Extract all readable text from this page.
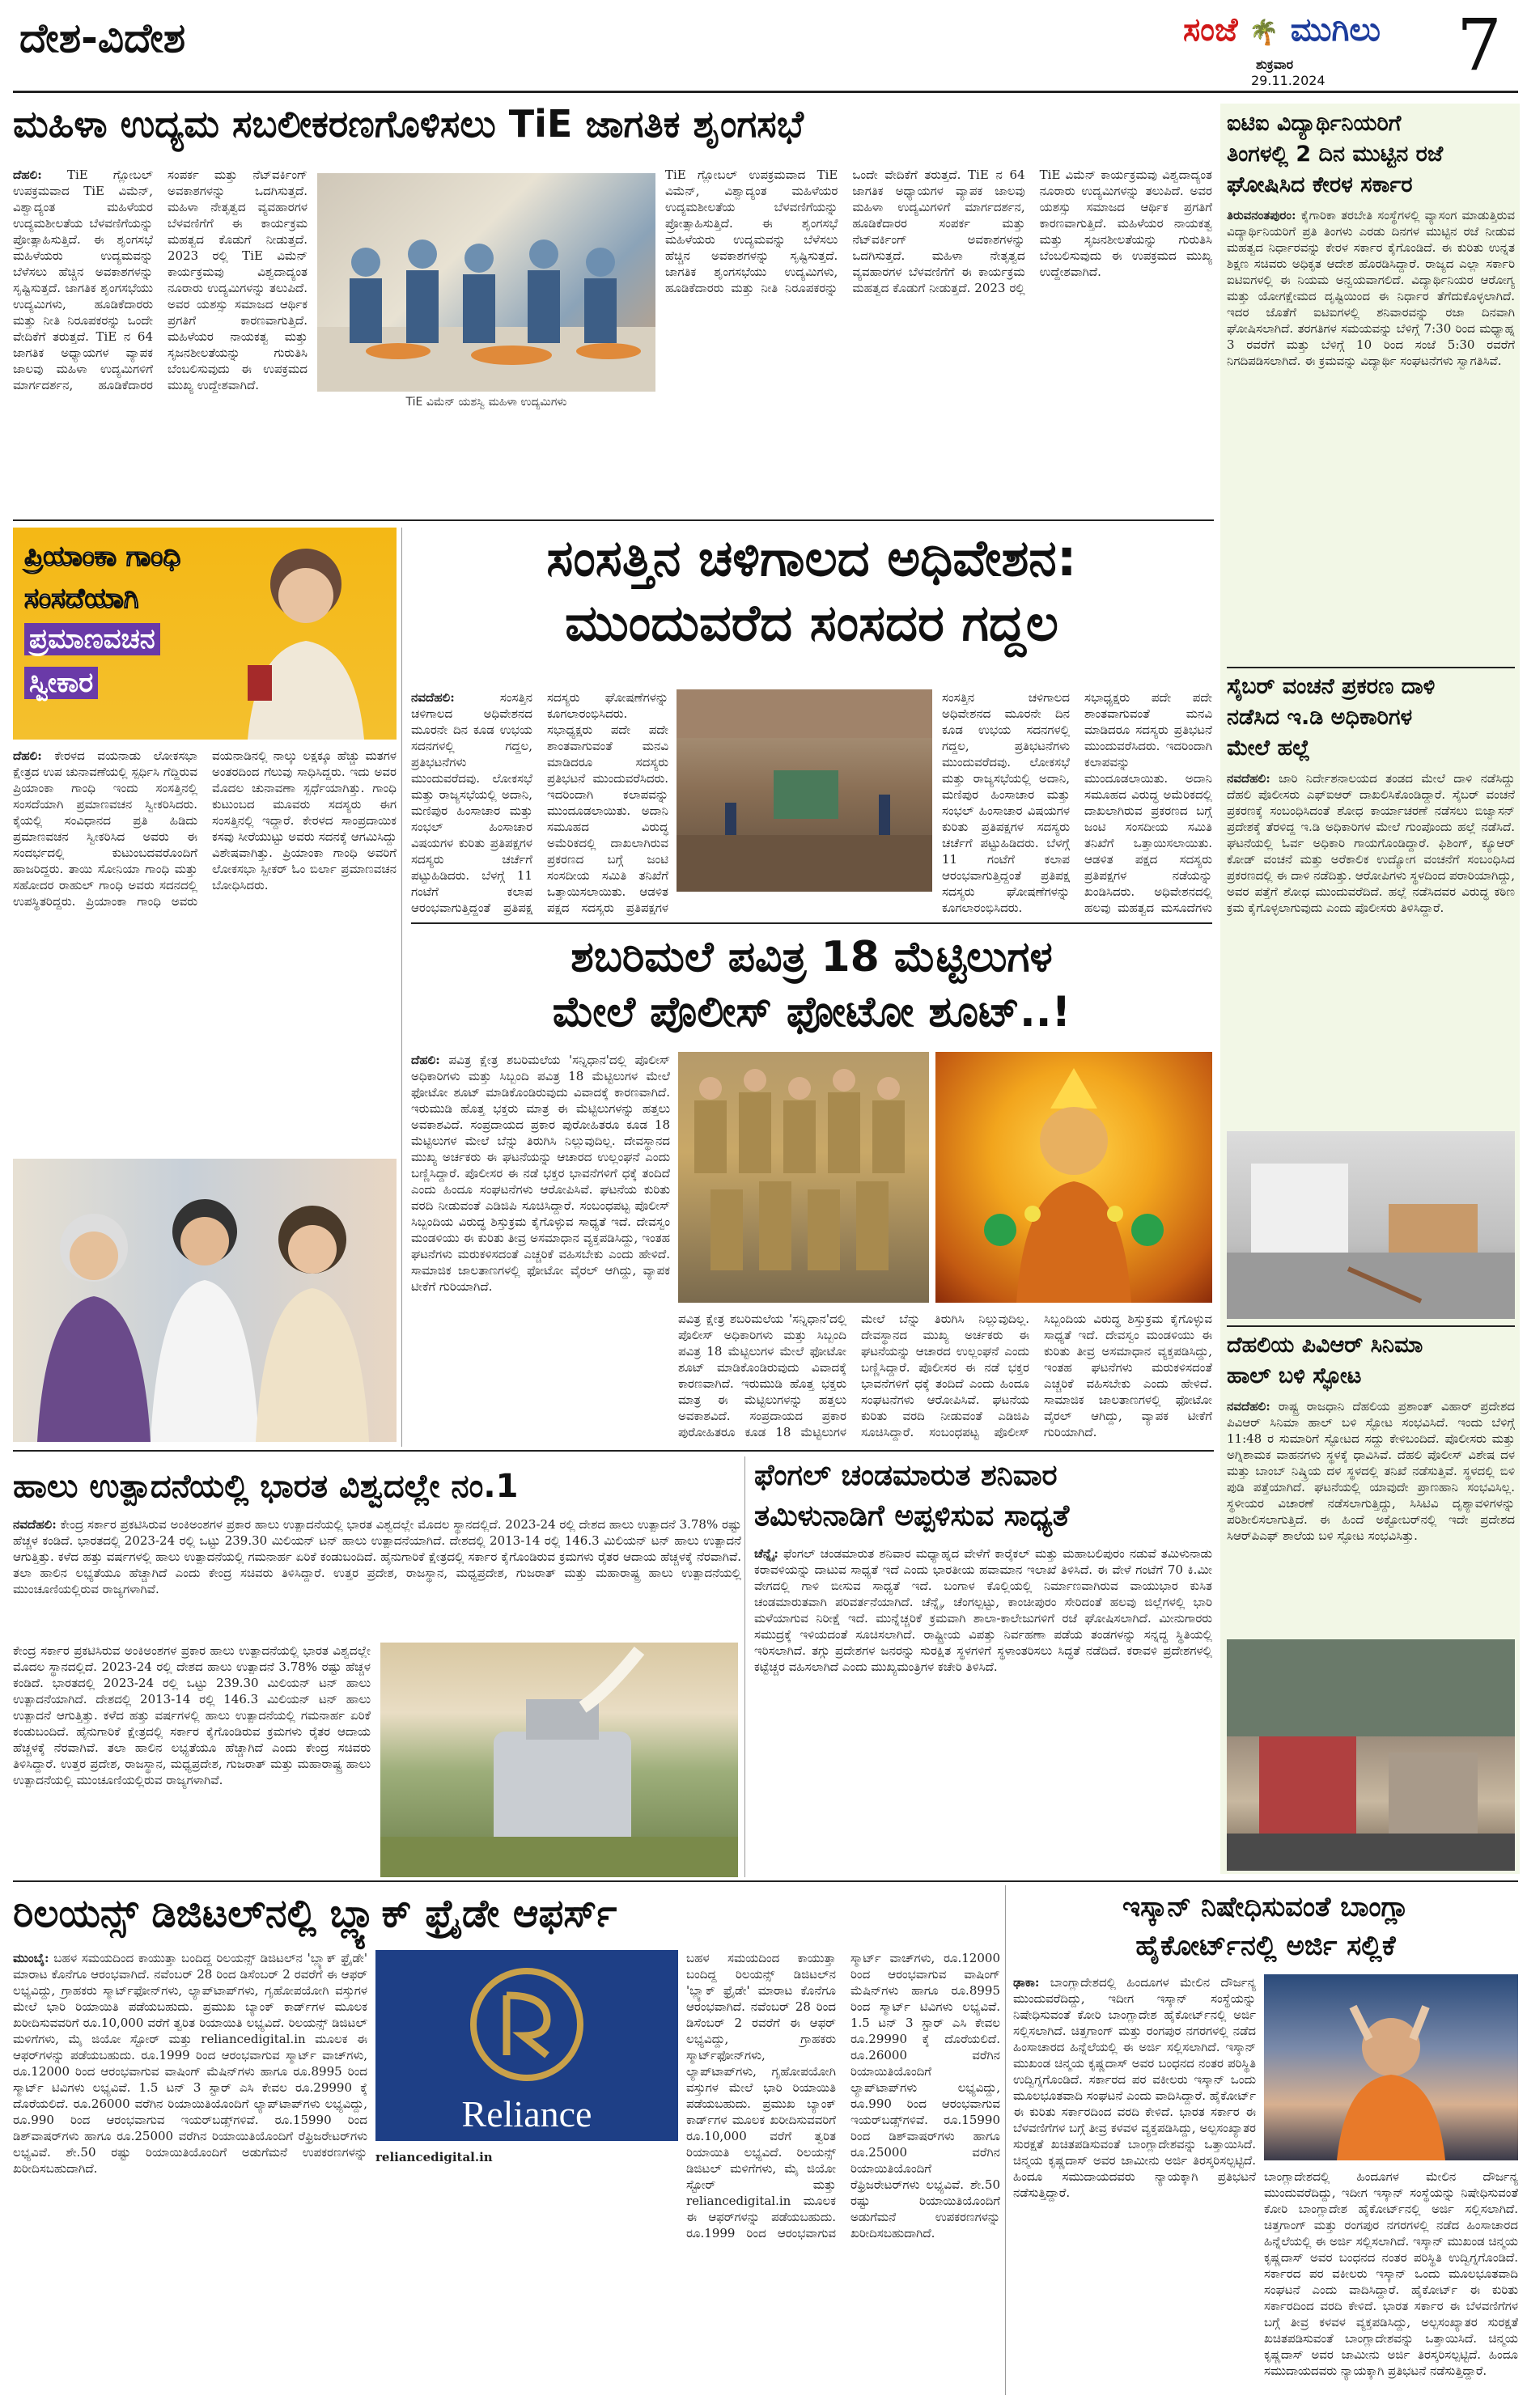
ದೇಶ-ವಿದೇಶ	ಸಂಜೆ 🌴 ಮುಗಿಲು
ಶುಕ್ರವಾರ
29.11.2024 7
ಮಹಿಳಾ ಉದ್ಯಮ ಸಬಲೀಕರಣಗೊಳಿಸಲು TiE ಜಾಗತಿಕ ಶೃಂಗಸಭೆ
TiE ವಿಮೆನ್ ಯಶಸ್ವಿ ಮಹಿಳಾ ಉದ್ಯಮಿಗಳು
ದೆಹಲಿ: TiE ಗ್ಲೋಬಲ್ ಉಪಕ್ರಮವಾದ TiE ವಿಮೆನ್, ವಿಶ್ವಾದ್ಯಂತ ಮಹಿಳೆಯರ ಉದ್ಯಮಶೀಲತೆಯ ಬೆಳವಣಿಗೆಯನ್ನು ಪ್ರೋತ್ಸಾಹಿಸುತ್ತಿದೆ. ಈ ಶೃಂಗಸಭೆ ಮಹಿಳೆಯರು ಉದ್ಯಮವನ್ನು ಬೆಳೆಸಲು ಹೆಚ್ಚಿನ ಅವಕಾಶಗಳನ್ನು ಸೃಷ್ಟಿಸುತ್ತದೆ. ಜಾಗತಿಕ ಶೃಂಗಸಭೆಯು ಉದ್ಯಮಿಗಳು, ಹೂಡಿಕೆದಾರರು ಮತ್ತು ನೀತಿ ನಿರೂಪಕರನ್ನು ಒಂದೇ ವೇದಿಕೆಗೆ ತರುತ್ತದೆ. TiE ನ 64 ಜಾಗತಿಕ ಅಧ್ಯಾಯಗಳ ವ್ಯಾಪಕ ಜಾಲವು ಮಹಿಳಾ ಉದ್ಯಮಿಗಳಿಗೆ ಮಾರ್ಗದರ್ಶನ, ಹೂಡಿಕೆದಾರರ ಸಂಪರ್ಕ ಮತ್ತು ನೆಟ್‌ವರ್ಕಿಂಗ್ ಅವಕಾಶಗಳನ್ನು ಒದಗಿಸುತ್ತದೆ. ಮಹಿಳಾ ನೇತೃತ್ವದ ವ್ಯವಹಾರಗಳ ಬೆಳವಣಿಗೆಗೆ ಈ ಕಾರ್ಯಕ್ರಮ ಮಹತ್ವದ ಕೊಡುಗೆ ನೀಡುತ್ತದೆ. 2023 ರಲ್ಲಿ TiE ವಿಮೆನ್ ಕಾರ್ಯಕ್ರಮವು ವಿಶ್ವದಾದ್ಯಂತ ನೂರಾರು ಉದ್ಯಮಿಗಳನ್ನು ತಲುಪಿದೆ. ಅವರ ಯಶಸ್ಸು ಸಮಾಜದ ಆರ್ಥಿಕ ಪ್ರಗತಿಗೆ ಕಾರಣವಾಗುತ್ತಿದೆ. ಮಹಿಳೆಯರ ನಾಯಕತ್ವ ಮತ್ತು ಸೃಜನಶೀಲತೆಯನ್ನು ಗುರುತಿಸಿ ಬೆಂಬಲಿಸುವುದು ಈ ಉಪಕ್ರಮದ ಮುಖ್ಯ ಉದ್ದೇಶವಾಗಿದೆ.
TiE ಗ್ಲೋಬಲ್ ಉಪಕ್ರಮವಾದ TiE ವಿಮೆನ್, ವಿಶ್ವಾದ್ಯಂತ ಮಹಿಳೆಯರ ಉದ್ಯಮಶೀಲತೆಯ ಬೆಳವಣಿಗೆಯನ್ನು ಪ್ರೋತ್ಸಾಹಿಸುತ್ತಿದೆ. ಈ ಶೃಂಗಸಭೆ ಮಹಿಳೆಯರು ಉದ್ಯಮವನ್ನು ಬೆಳೆಸಲು ಹೆಚ್ಚಿನ ಅವಕಾಶಗಳನ್ನು ಸೃಷ್ಟಿಸುತ್ತದೆ. ಜಾಗತಿಕ ಶೃಂಗಸಭೆಯು ಉದ್ಯಮಿಗಳು, ಹೂಡಿಕೆದಾರರು ಮತ್ತು ನೀತಿ ನಿರೂಪಕರನ್ನು ಒಂದೇ ವೇದಿಕೆಗೆ ತರುತ್ತದೆ. TiE ನ 64 ಜಾಗತಿಕ ಅಧ್ಯಾಯಗಳ ವ್ಯಾಪಕ ಜಾಲವು ಮಹಿಳಾ ಉದ್ಯಮಿಗಳಿಗೆ ಮಾರ್ಗದರ್ಶನ, ಹೂಡಿಕೆದಾರರ ಸಂಪರ್ಕ ಮತ್ತು ನೆಟ್‌ವರ್ಕಿಂಗ್ ಅವಕಾಶಗಳನ್ನು ಒದಗಿಸುತ್ತದೆ. ಮಹಿಳಾ ನೇತೃತ್ವದ ವ್ಯವಹಾರಗಳ ಬೆಳವಣಿಗೆಗೆ ಈ ಕಾರ್ಯಕ್ರಮ ಮಹತ್ವದ ಕೊಡುಗೆ ನೀಡುತ್ತದೆ. 2023 ರಲ್ಲಿ TiE ವಿಮೆನ್ ಕಾರ್ಯಕ್ರಮವು ವಿಶ್ವದಾದ್ಯಂತ ನೂರಾರು ಉದ್ಯಮಿಗಳನ್ನು ತಲುಪಿದೆ. ಅವರ ಯಶಸ್ಸು ಸಮಾಜದ ಆರ್ಥಿಕ ಪ್ರಗತಿಗೆ ಕಾರಣವಾಗುತ್ತಿದೆ. ಮಹಿಳೆಯರ ನಾಯಕತ್ವ ಮತ್ತು ಸೃಜನಶೀಲತೆಯನ್ನು ಗುರುತಿಸಿ ಬೆಂಬಲಿಸುವುದು ಈ ಉಪಕ್ರಮದ ಮುಖ್ಯ ಉದ್ದೇಶವಾಗಿದೆ.
ಪ್ರಿಯಾಂಕಾ ಗಾಂಧಿ
ಸಂಸದೆಯಾಗಿ
ಪ್ರಮಾಣವಚನ
ಸ್ವೀಕಾರ
ದೆಹಲಿ: ಕೇರಳದ ವಯನಾಡು ಲೋಕಸಭಾ ಕ್ಷೇತ್ರದ ಉಪ ಚುನಾವಣೆಯಲ್ಲಿ ಸ್ಪರ್ಧಿಸಿ ಗೆದ್ದಿರುವ ಪ್ರಿಯಾಂಕಾ ಗಾಂಧಿ ಇಂದು ಸಂಸತ್ತಿನಲ್ಲಿ ಸಂಸದೆಯಾಗಿ ಪ್ರಮಾಣವಚನ ಸ್ವೀಕರಿಸಿದರು. ಕೈಯಲ್ಲಿ ಸಂವಿಧಾನದ ಪ್ರತಿ ಹಿಡಿದು ಪ್ರಮಾಣವಚನ ಸ್ವೀಕರಿಸಿದ ಅವರು ಈ ಸಂದರ್ಭದಲ್ಲಿ ಕುಟುಂಬದವರೊಂದಿಗೆ ಹಾಜರಿದ್ದರು. ತಾಯಿ ಸೋನಿಯಾ ಗಾಂಧಿ ಮತ್ತು ಸಹೋದರ ರಾಹುಲ್ ಗಾಂಧಿ ಅವರು ಸದನದಲ್ಲಿ ಉಪಸ್ಥಿತರಿದ್ದರು. ಪ್ರಿಯಾಂಕಾ ಗಾಂಧಿ ಅವರು ವಯನಾಡಿನಲ್ಲಿ ನಾಲ್ಕು ಲಕ್ಷಕ್ಕೂ ಹೆಚ್ಚು ಮತಗಳ ಅಂತರದಿಂದ ಗೆಲುವು ಸಾಧಿಸಿದ್ದರು. ಇದು ಅವರ ಮೊದಲ ಚುನಾವಣಾ ಸ್ಪರ್ಧೆಯಾಗಿತ್ತು. ಗಾಂಧಿ ಕುಟುಂಬದ ಮೂವರು ಸದಸ್ಯರು ಈಗ ಸಂಸತ್ತಿನಲ್ಲಿ ಇದ್ದಾರೆ. ಕೇರಳದ ಸಾಂಪ್ರದಾಯಿಕ ಕಸವು ಸೀರೆಯುಟ್ಟು ಅವರು ಸದನಕ್ಕೆ ಆಗಮಿಸಿದ್ದು ವಿಶೇಷವಾಗಿತ್ತು. ಪ್ರಿಯಾಂಕಾ ಗಾಂಧಿ ಅವರಿಗೆ ಲೋಕಸಭಾ ಸ್ಪೀಕರ್ ಓಂ ಬಿರ್ಲಾ ಪ್ರಮಾಣವಚನ ಬೋಧಿಸಿದರು.
ಸಂಸತ್ತಿನ ಚಳಿಗಾಲದ ಅಧಿವೇಶನ:
ಮುಂದುವರೆದ ಸಂಸದರ ಗದ್ದಲ
ನವದೆಹಲಿ:	ಸಂಸತ್ತಿನ ಚಳಿಗಾಲದ ಅಧಿವೇಶನದ ಮೂರನೇ ದಿನ ಕೂಡ ಉಭಯ ಸದನಗಳಲ್ಲಿ ಗದ್ದಲ, ಪ್ರತಿಭಟನೆಗಳು ಮುಂದುವರೆದವು. ಲೋಕಸಭೆ ಮತ್ತು ರಾಜ್ಯಸಭೆಯಲ್ಲಿ ಅದಾನಿ, ಮಣಿಪುರ ಹಿಂಸಾಚಾರ ಮತ್ತು ಸಂಭಲ್ ಹಿಂಸಾಚಾರ ವಿಷಯಗಳ ಕುರಿತು ಪ್ರತಿಪಕ್ಷಗಳ ಸದಸ್ಯರು ಚರ್ಚೆಗೆ ಪಟ್ಟುಹಿಡಿದರು. ಬೆಳಗ್ಗೆ 11 ಗಂಟೆಗೆ ಕಲಾಪ ಆರಂಭವಾಗುತ್ತಿದ್ದಂತೆ ಪ್ರತಿಪಕ್ಷ ಸದಸ್ಯರು ಘೋಷಣೆಗಳನ್ನು ಕೂಗಲಾರಂಭಿಸಿದರು. ಸಭಾಧ್ಯಕ್ಷರು ಪದೇ ಪದೇ ಶಾಂತವಾಗುವಂತೆ ಮನವಿ ಮಾಡಿದರೂ ಸದಸ್ಯರು ಪ್ರತಿಭಟನೆ ಮುಂದುವರೆಸಿದರು. ಇದರಿಂದಾಗಿ ಕಲಾಪವನ್ನು ಮುಂದೂಡಲಾಯಿತು. ಅದಾನಿ ಸಮೂಹದ ವಿರುದ್ಧ ಅಮೆರಿಕದಲ್ಲಿ ದಾಖಲಾಗಿರುವ ಪ್ರಕರಣದ ಬಗ್ಗೆ ಜಂಟಿ ಸಂಸದೀಯ ಸಮಿತಿ ತನಿಖೆಗೆ ಒತ್ತಾಯಿಸಲಾಯಿತು. ಆಡಳಿತ ಪಕ್ಷದ ಸದಸ್ಯರು ಪ್ರತಿಪಕ್ಷಗಳ
ಸಂಸತ್ತಿನ ಚಳಿಗಾಲದ ಅಧಿವೇಶನದ ಮೂರನೇ ದಿನ ಕೂಡ ಉಭಯ ಸದನಗಳಲ್ಲಿ ಗದ್ದಲ, ಪ್ರತಿಭಟನೆಗಳು ಮುಂದುವರೆದವು. ಲೋಕಸಭೆ ಮತ್ತು ರಾಜ್ಯಸಭೆಯಲ್ಲಿ ಅದಾನಿ, ಮಣಿಪುರ ಹಿಂಸಾಚಾರ ಮತ್ತು ಸಂಭಲ್ ಹಿಂಸಾಚಾರ ವಿಷಯಗಳ ಕುರಿತು ಪ್ರತಿಪಕ್ಷಗಳ ಸದಸ್ಯರು ಚರ್ಚೆಗೆ ಪಟ್ಟುಹಿಡಿದರು. ಬೆಳಗ್ಗೆ 11 ಗಂಟೆಗೆ ಕಲಾಪ ಆರಂಭವಾಗುತ್ತಿದ್ದಂತೆ ಪ್ರತಿಪಕ್ಷ ಸದಸ್ಯರು ಘೋಷಣೆಗಳನ್ನು ಕೂಗಲಾರಂಭಿಸಿದರು. ಸಭಾಧ್ಯಕ್ಷರು ಪದೇ ಪದೇ ಶಾಂತವಾಗುವಂತೆ ಮನವಿ ಮಾಡಿದರೂ ಸದಸ್ಯರು ಪ್ರತಿಭಟನೆ ಮುಂದುವರೆಸಿದರು. ಇದರಿಂದಾಗಿ ಕಲಾಪವನ್ನು ಮುಂದೂಡಲಾಯಿತು. ಅದಾನಿ ಸಮೂಹದ ವಿರುದ್ಧ ಅಮೆರಿಕದಲ್ಲಿ ದಾಖಲಾಗಿರುವ ಪ್ರಕರಣದ ಬಗ್ಗೆ ಜಂಟಿ ಸಂಸದೀಯ ಸಮಿತಿ ತನಿಖೆಗೆ ಒತ್ತಾಯಿಸಲಾಯಿತು. ಆಡಳಿತ ಪಕ್ಷದ ಸದಸ್ಯರು ಪ್ರತಿಪಕ್ಷಗಳ ನಡೆಯನ್ನು ಖಂಡಿಸಿದರು. ಅಧಿವೇಶನದಲ್ಲಿ ಹಲವು ಮಹತ್ವದ ಮಸೂದೆಗಳು
ಶಬರಿಮಲೆ ಪವಿತ್ರ 18 ಮೆಟ್ಟಿಲುಗಳ
ಮೇಲೆ ಪೊಲೀಸ್ ಫೋಟೋ ಶೂಟ್..!
ದೆಹಲಿ: ಪವಿತ್ರ ಕ್ಷೇತ್ರ ಶಬರಿಮಲೆಯ 'ಸನ್ನಿಧಾನ'ದಲ್ಲಿ ಪೊಲೀಸ್ ಅಧಿಕಾರಿಗಳು ಮತ್ತು ಸಿಬ್ಬಂದಿ ಪವಿತ್ರ 18 ಮೆಟ್ಟಿಲುಗಳ ಮೇಲೆ ಫೋಟೋ ಶೂಟ್ ಮಾಡಿಕೊಂಡಿರುವುದು ವಿವಾದಕ್ಕೆ ಕಾರಣವಾಗಿದೆ. ಇರುಮುಡಿ ಹೊತ್ತ ಭಕ್ತರು ಮಾತ್ರ ಈ ಮೆಟ್ಟಿಲುಗಳನ್ನು ಹತ್ತಲು ಅವಕಾಶವಿದೆ. ಸಂಪ್ರದಾಯದ ಪ್ರಕಾರ ಪುರೋಹಿತರೂ ಕೂಡ 18 ಮೆಟ್ಟಿಲುಗಳ ಮೇಲೆ ಬೆನ್ನು ತಿರುಗಿಸಿ ನಿಲ್ಲುವುದಿಲ್ಲ. ದೇವಸ್ಥಾನದ ಮುಖ್ಯ ಅರ್ಚಕರು ಈ ಘಟನೆಯನ್ನು ಆಚಾರದ ಉಲ್ಲಂಘನೆ ಎಂದು ಬಣ್ಣಿಸಿದ್ದಾರೆ. ಪೊಲೀಸರ ಈ ನಡೆ ಭಕ್ತರ ಭಾವನೆಗಳಿಗೆ ಧಕ್ಕೆ ತಂದಿದೆ ಎಂದು ಹಿಂದೂ ಸಂಘಟನೆಗಳು ಆರೋಪಿಸಿವೆ. ಘಟನೆಯ ಕುರಿತು ವರದಿ ನೀಡುವಂತೆ ಎಡಿಜಿಪಿ ಸೂಚಿಸಿದ್ದಾರೆ. ಸಂಬಂಧಪಟ್ಟ ಪೊಲೀಸ್ ಸಿಬ್ಬಂದಿಯ ವಿರುದ್ಧ ಶಿಸ್ತುಕ್ರಮ ಕೈಗೊಳ್ಳುವ ಸಾಧ್ಯತೆ ಇದೆ. ದೇವಸ್ವಂ ಮಂಡಳಿಯು ಈ ಕುರಿತು ತೀವ್ರ ಅಸಮಾಧಾನ ವ್ಯಕ್ತಪಡಿಸಿದ್ದು, ಇಂತಹ ಘಟನೆಗಳು ಮರುಕಳಿಸದಂತೆ ಎಚ್ಚರಿಕೆ ವಹಿಸಬೇಕು ಎಂದು ಹೇಳಿದೆ. ಸಾಮಾಜಿಕ ಜಾಲತಾಣಗಳಲ್ಲಿ ಫೋಟೋ ವೈರಲ್ ಆಗಿದ್ದು, ವ್ಯಾಪಕ ಟೀಕೆಗೆ ಗುರಿಯಾಗಿದೆ.
ಪವಿತ್ರ ಕ್ಷೇತ್ರ ಶಬರಿಮಲೆಯ 'ಸನ್ನಿಧಾನ'ದಲ್ಲಿ ಪೊಲೀಸ್ ಅಧಿಕಾರಿಗಳು ಮತ್ತು ಸಿಬ್ಬಂದಿ ಪವಿತ್ರ 18 ಮೆಟ್ಟಿಲುಗಳ ಮೇಲೆ ಫೋಟೋ ಶೂಟ್ ಮಾಡಿಕೊಂಡಿರುವುದು ವಿವಾದಕ್ಕೆ ಕಾರಣವಾಗಿದೆ. ಇರುಮುಡಿ ಹೊತ್ತ ಭಕ್ತರು ಮಾತ್ರ ಈ ಮೆಟ್ಟಿಲುಗಳನ್ನು ಹತ್ತಲು ಅವಕಾಶವಿದೆ. ಸಂಪ್ರದಾಯದ ಪ್ರಕಾರ ಪುರೋಹಿತರೂ ಕೂಡ 18 ಮೆಟ್ಟಿಲುಗಳ ಮೇಲೆ ಬೆನ್ನು ತಿರುಗಿಸಿ ನಿಲ್ಲುವುದಿಲ್ಲ. ದೇವಸ್ಥಾನದ ಮುಖ್ಯ ಅರ್ಚಕರು ಈ ಘಟನೆಯನ್ನು ಆಚಾರದ ಉಲ್ಲಂಘನೆ ಎಂದು ಬಣ್ಣಿಸಿದ್ದಾರೆ. ಪೊಲೀಸರ ಈ ನಡೆ ಭಕ್ತರ ಭಾವನೆಗಳಿಗೆ ಧಕ್ಕೆ ತಂದಿದೆ ಎಂದು ಹಿಂದೂ ಸಂಘಟನೆಗಳು ಆರೋಪಿಸಿವೆ. ಘಟನೆಯ ಕುರಿತು ವರದಿ ನೀಡುವಂತೆ ಎಡಿಜಿಪಿ ಸೂಚಿಸಿದ್ದಾರೆ. ಸಂಬಂಧಪಟ್ಟ ಪೊಲೀಸ್ ಸಿಬ್ಬಂದಿಯ ವಿರುದ್ಧ ಶಿಸ್ತುಕ್ರಮ ಕೈಗೊಳ್ಳುವ ಸಾಧ್ಯತೆ ಇದೆ. ದೇವಸ್ವಂ ಮಂಡಳಿಯು ಈ ಕುರಿತು ತೀವ್ರ ಅಸಮಾಧಾನ ವ್ಯಕ್ತಪಡಿಸಿದ್ದು, ಇಂತಹ ಘಟನೆಗಳು ಮರುಕಳಿಸದಂತೆ ಎಚ್ಚರಿಕೆ ವಹಿಸಬೇಕು ಎಂದು ಹೇಳಿದೆ. ಸಾಮಾಜಿಕ ಜಾಲತಾಣಗಳಲ್ಲಿ ಫೋಟೋ ವೈರಲ್ ಆಗಿದ್ದು, ವ್ಯಾಪಕ ಟೀಕೆಗೆ ಗುರಿಯಾಗಿದೆ.
ಹಾಲು ಉತ್ಪಾದನೆಯಲ್ಲಿ ಭಾರತ ವಿಶ್ವದಲ್ಲೇ ನಂ.1
ನವದೆಹಲಿ: ಕೇಂದ್ರ ಸರ್ಕಾರ ಪ್ರಕಟಿಸಿರುವ ಅಂಕಿಅಂಶಗಳ ಪ್ರಕಾರ ಹಾಲು ಉತ್ಪಾದನೆಯಲ್ಲಿ ಭಾರತ ವಿಶ್ವದಲ್ಲೇ ಮೊದಲ ಸ್ಥಾನದಲ್ಲಿದೆ. 2023-24 ರಲ್ಲಿ ದೇಶದ ಹಾಲು ಉತ್ಪಾದನೆ 3.78% ರಷ್ಟು ಹೆಚ್ಚಳ ಕಂಡಿದೆ. ಭಾರತದಲ್ಲಿ 2023-24 ರಲ್ಲಿ ಒಟ್ಟು 239.30 ಮಿಲಿಯನ್ ಟನ್ ಹಾಲು ಉತ್ಪಾದನೆಯಾಗಿದೆ. ದೇಶದಲ್ಲಿ 2013-14 ರಲ್ಲಿ 146.3 ಮಿಲಿಯನ್ ಟನ್ ಹಾಲು ಉತ್ಪಾದನೆ ಆಗುತ್ತಿತ್ತು. ಕಳೆದ ಹತ್ತು ವರ್ಷಗಳಲ್ಲಿ ಹಾಲು ಉತ್ಪಾದನೆಯಲ್ಲಿ ಗಮನಾರ್ಹ ಏರಿಕೆ ಕಂಡುಬಂದಿದೆ. ಹೈನುಗಾರಿಕೆ ಕ್ಷೇತ್ರದಲ್ಲಿ ಸರ್ಕಾರ ಕೈಗೊಂಡಿರುವ ಕ್ರಮಗಳು ರೈತರ ಆದಾಯ ಹೆಚ್ಚಳಕ್ಕೆ ನೆರವಾಗಿವೆ. ತಲಾ ಹಾಲಿನ ಲಭ್ಯತೆಯೂ ಹೆಚ್ಚಾಗಿದೆ ಎಂದು ಕೇಂದ್ರ ಸಚಿವರು ತಿಳಿಸಿದ್ದಾರೆ. ಉತ್ತರ ಪ್ರದೇಶ, ರಾಜಸ್ಥಾನ, ಮಧ್ಯಪ್ರದೇಶ, ಗುಜರಾತ್ ಮತ್ತು ಮಹಾರಾಷ್ಟ್ರ ಹಾಲು ಉತ್ಪಾದನೆಯಲ್ಲಿ ಮುಂಚೂಣಿಯಲ್ಲಿರುವ ರಾಜ್ಯಗಳಾಗಿವೆ.
ಕೇಂದ್ರ ಸರ್ಕಾರ ಪ್ರಕಟಿಸಿರುವ ಅಂಕಿಅಂಶಗಳ ಪ್ರಕಾರ ಹಾಲು ಉತ್ಪಾದನೆಯಲ್ಲಿ ಭಾರತ ವಿಶ್ವದಲ್ಲೇ ಮೊದಲ ಸ್ಥಾನದಲ್ಲಿದೆ. 2023-24 ರಲ್ಲಿ ದೇಶದ ಹಾಲು ಉತ್ಪಾದನೆ 3.78% ರಷ್ಟು ಹೆಚ್ಚಳ ಕಂಡಿದೆ. ಭಾರತದಲ್ಲಿ 2023-24 ರಲ್ಲಿ ಒಟ್ಟು 239.30 ಮಿಲಿಯನ್ ಟನ್ ಹಾಲು ಉತ್ಪಾದನೆಯಾಗಿದೆ. ದೇಶದಲ್ಲಿ 2013-14 ರಲ್ಲಿ 146.3 ಮಿಲಿಯನ್ ಟನ್ ಹಾಲು ಉತ್ಪಾದನೆ ಆಗುತ್ತಿತ್ತು. ಕಳೆದ ಹತ್ತು ವರ್ಷಗಳಲ್ಲಿ ಹಾಲು ಉತ್ಪಾದನೆಯಲ್ಲಿ ಗಮನಾರ್ಹ ಏರಿಕೆ ಕಂಡುಬಂದಿದೆ. ಹೈನುಗಾರಿಕೆ ಕ್ಷೇತ್ರದಲ್ಲಿ ಸರ್ಕಾರ ಕೈಗೊಂಡಿರುವ ಕ್ರಮಗಳು ರೈತರ ಆದಾಯ ಹೆಚ್ಚಳಕ್ಕೆ ನೆರವಾಗಿವೆ. ತಲಾ ಹಾಲಿನ ಲಭ್ಯತೆಯೂ ಹೆಚ್ಚಾಗಿದೆ ಎಂದು ಕೇಂದ್ರ ಸಚಿವರು ತಿಳಿಸಿದ್ದಾರೆ. ಉತ್ತರ ಪ್ರದೇಶ, ರಾಜಸ್ಥಾನ, ಮಧ್ಯಪ್ರದೇಶ, ಗುಜರಾತ್ ಮತ್ತು ಮಹಾರಾಷ್ಟ್ರ ಹಾಲು ಉತ್ಪಾದನೆಯಲ್ಲಿ ಮುಂಚೂಣಿಯಲ್ಲಿರುವ ರಾಜ್ಯಗಳಾಗಿವೆ.
ಫೆಂಗಲ್ ಚಂಡಮಾರುತ ಶನಿವಾರ
ತಮಿಳುನಾಡಿಗೆ ಅಪ್ಪಳಿಸುವ ಸಾಧ್ಯತೆ
ಚೆನ್ನೈ: ಫೆಂಗಲ್ ಚಂಡಮಾರುತ ಶನಿವಾರ ಮಧ್ಯಾಹ್ನದ ವೇಳೆಗೆ ಕಾರೈಕಲ್ ಮತ್ತು ಮಹಾಬಲಿಪುರಂ ನಡುವೆ ತಮಿಳುನಾಡು ಕರಾವಳಿಯನ್ನು ದಾಟುವ ಸಾಧ್ಯತೆ ಇದೆ ಎಂದು ಭಾರತೀಯ ಹವಾಮಾನ ಇಲಾಖೆ ತಿಳಿಸಿದೆ. ಈ ವೇಳೆ ಗಂಟೆಗೆ 70 ಕಿ.ಮೀ ವೇಗದಲ್ಲಿ ಗಾಳಿ ಬೀಸುವ ಸಾಧ್ಯತೆ ಇದೆ. ಬಂಗಾಳ ಕೊಲ್ಲಿಯಲ್ಲಿ ನಿರ್ಮಾಣವಾಗಿರುವ ವಾಯುಭಾರ ಕುಸಿತ ಚಂಡಮಾರುತವಾಗಿ ಪರಿವರ್ತನೆಯಾಗಿದೆ. ಚೆನ್ನೈ, ಚೆಂಗಲ್ಪಟ್ಟು, ಕಾಂಚೀಪುರಂ ಸೇರಿದಂತೆ ಹಲವು ಜಿಲ್ಲೆಗಳಲ್ಲಿ ಭಾರಿ ಮಳೆಯಾಗುವ ನಿರೀಕ್ಷೆ ಇದೆ. ಮುನ್ನೆಚ್ಚರಿಕೆ ಕ್ರಮವಾಗಿ ಶಾಲಾ-ಕಾಲೇಜುಗಳಿಗೆ ರಜೆ ಘೋಷಿಸಲಾಗಿದೆ. ಮೀನುಗಾರರು ಸಮುದ್ರಕ್ಕೆ ಇಳಿಯದಂತೆ ಸೂಚಿಸಲಾಗಿದೆ. ರಾಷ್ಟ್ರೀಯ ವಿಪತ್ತು ನಿರ್ವಹಣಾ ಪಡೆಯ ತಂಡಗಳನ್ನು ಸನ್ನದ್ಧ ಸ್ಥಿತಿಯಲ್ಲಿ ಇರಿಸಲಾಗಿದೆ. ತಗ್ಗು ಪ್ರದೇಶಗಳ ಜನರನ್ನು ಸುರಕ್ಷಿತ ಸ್ಥಳಗಳಿಗೆ ಸ್ಥಳಾಂತರಿಸಲು ಸಿದ್ಧತೆ ನಡೆದಿದೆ. ಕರಾವಳಿ ಪ್ರದೇಶಗಳಲ್ಲಿ ಕಟ್ಟೆಚ್ಚರ ವಹಿಸಲಾಗಿದೆ ಎಂದು ಮುಖ್ಯಮಂತ್ರಿಗಳ ಕಚೇರಿ ತಿಳಿಸಿದೆ.
ಐಟಿಐ ವಿದ್ಯಾರ್ಥಿನಿಯರಿಗೆ
ತಿಂಗಳಲ್ಲಿ 2 ದಿನ ಮುಟ್ಟಿನ ರಜೆ
ಘೋಷಿಸಿದ ಕೇರಳ ಸರ್ಕಾರ
ತಿರುವನಂತಪುರಂ: ಕೈಗಾರಿಕಾ ತರಬೇತಿ ಸಂಸ್ಥೆಗಳಲ್ಲಿ ವ್ಯಾಸಂಗ ಮಾಡುತ್ತಿರುವ ವಿದ್ಯಾರ್ಥಿನಿಯರಿಗೆ ಪ್ರತಿ ತಿಂಗಳು ಎರಡು ದಿನಗಳ ಮುಟ್ಟಿನ ರಜೆ ನೀಡುವ ಮಹತ್ವದ ನಿರ್ಧಾರವನ್ನು ಕೇರಳ ಸರ್ಕಾರ ಕೈಗೊಂಡಿದೆ. ಈ ಕುರಿತು ಉನ್ನತ ಶಿಕ್ಷಣ ಸಚಿವರು ಅಧಿಕೃತ ಆದೇಶ ಹೊರಡಿಸಿದ್ದಾರೆ. ರಾಜ್ಯದ ಎಲ್ಲಾ ಸರ್ಕಾರಿ ಐಟಿಐಗಳಲ್ಲಿ ಈ ನಿಯಮ ಅನ್ವಯವಾಗಲಿದೆ. ವಿದ್ಯಾರ್ಥಿನಿಯರ ಆರೋಗ್ಯ ಮತ್ತು ಯೋಗಕ್ಷೇಮದ ದೃಷ್ಟಿಯಿಂದ ಈ ನಿರ್ಧಾರ ತೆಗೆದುಕೊಳ್ಳಲಾಗಿದೆ. ಇದರ ಜೊತೆಗೆ ಐಟಿಐಗಳಲ್ಲಿ ಶನಿವಾರವನ್ನು ರಜಾ ದಿನವಾಗಿ ಘೋಷಿಸಲಾಗಿದೆ. ತರಗತಿಗಳ ಸಮಯವನ್ನು ಬೆಳಿಗ್ಗೆ 7:30 ರಿಂದ ಮಧ್ಯಾಹ್ನ 3 ರವರೆಗೆ ಮತ್ತು ಬೆಳಿಗ್ಗೆ 10 ರಿಂದ ಸಂಜೆ 5:30 ರವರೆಗೆ ನಿಗದಿಪಡಿಸಲಾಗಿದೆ. ಈ ಕ್ರಮವನ್ನು ವಿದ್ಯಾರ್ಥಿ ಸಂಘಟನೆಗಳು ಸ್ವಾಗತಿಸಿವೆ.
ಸೈಬರ್ ವಂಚನೆ ಪ್ರಕರಣ ದಾಳಿ
ನಡೆಸಿದ ಇ.ಡಿ ಅಧಿಕಾರಿಗಳ
ಮೇಲೆ ಹಲ್ಲೆ
ನವದೆಹಲಿ: ಜಾರಿ ನಿರ್ದೇಶನಾಲಯದ ತಂಡದ ಮೇಲೆ ದಾಳಿ ನಡೆಸಿದ್ದು ದೆಹಲಿ ಪೊಲೀಸರು ಎಫ್‌ಐಆರ್ ದಾಖಲಿಸಿಕೊಂಡಿದ್ದಾರೆ. ಸೈಬರ್ ವಂಚನೆ ಪ್ರಕರಣಕ್ಕೆ ಸಂಬಂಧಿಸಿದಂತೆ ಶೋಧ ಕಾರ್ಯಾಚರಣೆ ನಡೆಸಲು ಬಿಜ್ವಾಸನ್ ಪ್ರದೇಶಕ್ಕೆ ತೆರಳಿದ್ದ ಇ.ಡಿ ಅಧಿಕಾರಿಗಳ ಮೇಲೆ ಗುಂಪೊಂದು ಹಲ್ಲೆ ನಡೆಸಿದೆ. ಘಟನೆಯಲ್ಲಿ ಓರ್ವ ಅಧಿಕಾರಿ ಗಾಯಗೊಂಡಿದ್ದಾರೆ. ಫಿಶಿಂಗ್, ಕ್ಯೂಆರ್ ಕೋಡ್ ವಂಚನೆ ಮತ್ತು ಅರೆಕಾಲಿಕ ಉದ್ಯೋಗ ವಂಚನೆಗೆ ಸಂಬಂಧಿಸಿದ ಪ್ರಕರಣದಲ್ಲಿ ಈ ದಾಳಿ ನಡೆದಿತ್ತು. ಆರೋಪಿಗಳು ಸ್ಥಳದಿಂದ ಪರಾರಿಯಾಗಿದ್ದು, ಅವರ ಪತ್ತೆಗೆ ಶೋಧ ಮುಂದುವರೆದಿದೆ. ಹಲ್ಲೆ ನಡೆಸಿದವರ ವಿರುದ್ಧ ಕಠಿಣ ಕ್ರಮ ಕೈಗೊಳ್ಳಲಾಗುವುದು ಎಂದು ಪೊಲೀಸರು ತಿಳಿಸಿದ್ದಾರೆ.
ದೆಹಲಿಯ ಪಿವಿಆರ್ ಸಿನಿಮಾ
ಹಾಲ್ ಬಳಿ ಸ್ಫೋಟ
ನವದೆಹಲಿ: ರಾಷ್ಟ್ರ ರಾಜಧಾನಿ ದೆಹಲಿಯ ಪ್ರಶಾಂತ್ ವಿಹಾರ್ ಪ್ರದೇಶದ ಪಿವಿಆರ್ ಸಿನಿಮಾ ಹಾಲ್ ಬಳಿ ಸ್ಫೋಟ ಸಂಭವಿಸಿದೆ. ಇಂದು ಬೆಳಿಗ್ಗೆ 11:48 ರ ಸುಮಾರಿಗೆ ಸ್ಫೋಟದ ಸದ್ದು ಕೇಳಿಬಂದಿದೆ. ಪೊಲೀಸರು ಮತ್ತು ಅಗ್ನಿಶಾಮಕ ವಾಹನಗಳು ಸ್ಥಳಕ್ಕೆ ಧಾವಿಸಿವೆ. ದೆಹಲಿ ಪೊಲೀಸ್ ವಿಶೇಷ ದಳ ಮತ್ತು ಬಾಂಬ್ ನಿಷ್ಕ್ರಿಯ ದಳ ಸ್ಥಳದಲ್ಲಿ ತನಿಖೆ ನಡೆಸುತ್ತಿವೆ. ಸ್ಥಳದಲ್ಲಿ ಬಿಳಿ ಪುಡಿ ಪತ್ತೆಯಾಗಿದೆ. ಘಟನೆಯಲ್ಲಿ ಯಾವುದೇ ಪ್ರಾಣಹಾನಿ ಸಂಭವಿಸಿಲ್ಲ. ಸ್ಥಳೀಯರ ವಿಚಾರಣೆ ನಡೆಸಲಾಗುತ್ತಿದ್ದು, ಸಿಸಿಟಿವಿ ದೃಶ್ಯಾವಳಿಗಳನ್ನು ಪರಿಶೀಲಿಸಲಾಗುತ್ತಿದೆ. ಈ ಹಿಂದೆ ಅಕ್ಟೋಬರ್‌ನಲ್ಲಿ ಇದೇ ಪ್ರದೇಶದ ಸಿಆರ್‌ಪಿಎಫ್ ಶಾಲೆಯ ಬಳಿ ಸ್ಫೋಟ ಸಂಭವಿಸಿತ್ತು.
ರಿಲಯನ್ಸ್ ಡಿಜಿಟಲ್‌ನಲ್ಲಿ ಬ್ಲ್ಯಾಕ್ ಫ್ರೈಡೇ ಆಫರ್ಸ್
Reliance
ಮುಂಬೈ: ಬಹಳ ಸಮಯದಿಂದ ಕಾಯುತ್ತಾ ಬಂದಿದ್ದ ರಿಲಯನ್ಸ್ ಡಿಜಿಟಲ್‌ನ 'ಬ್ಲ್ಯಾಕ್ ಫ್ರೈಡೇ' ಮಾರಾಟ ಕೊನೆಗೂ ಆರಂಭವಾಗಿದೆ. ನವೆಂಬರ್ 28 ರಿಂದ ಡಿಸೆಂಬರ್ 2 ರವರೆಗೆ ಈ ಆಫರ್ ಲಭ್ಯವಿದ್ದು, ಗ್ರಾಹಕರು ಸ್ಮಾರ್ಟ್‌ಫೋನ್‌ಗಳು, ಲ್ಯಾಪ್‌ಟಾಪ್‌ಗಳು, ಗೃಹೋಪಯೋಗಿ ವಸ್ತುಗಳ ಮೇಲೆ ಭಾರಿ ರಿಯಾಯಿತಿ ಪಡೆಯಬಹುದು. ಪ್ರಮುಖ ಬ್ಯಾಂಕ್ ಕಾರ್ಡ್‌ಗಳ ಮೂಲಕ ಖರೀದಿಸುವವರಿಗೆ ರೂ.10,000 ವರೆಗೆ ತ್ವರಿತ ರಿಯಾಯಿತಿ ಲಭ್ಯವಿದೆ. ರಿಲಯನ್ಸ್ ಡಿಜಿಟಲ್ ಮಳಿಗೆಗಳು, ಮೈ ಜಿಯೋ ಸ್ಟೋರ್ ಮತ್ತು reliancedigital.in ಮೂಲಕ ಈ ಆಫರ್‌ಗಳನ್ನು ಪಡೆಯಬಹುದು. ರೂ.1999 ರಿಂದ ಆರಂಭವಾಗುವ ಸ್ಮಾರ್ಟ್ ವಾಚ್‌ಗಳು, ರೂ.12000 ರಿಂದ ಆರಂಭವಾಗುವ ವಾಷಿಂಗ್ ಮೆಷಿನ್‌ಗಳು ಹಾಗೂ ರೂ.8995 ರಿಂದ ಸ್ಮಾರ್ಟ್ ಟಿವಿಗಳು ಲಭ್ಯವಿವೆ. 1.5 ಟನ್ 3 ಸ್ಟಾರ್ ಎಸಿ ಕೇವಲ ರೂ.29990 ಕ್ಕೆ ದೊರೆಯಲಿದೆ. ರೂ.26000 ವರೆಗಿನ ರಿಯಾಯಿತಿಯೊಂದಿಗೆ ಲ್ಯಾಪ್‌ಟಾಪ್‌ಗಳು ಲಭ್ಯವಿದ್ದು, ರೂ.990 ರಿಂದ ಆರಂಭವಾಗುವ ಇಯರ್‌ಬಡ್ಸ್‌ಗಳಿವೆ. ರೂ.15990 ರಿಂದ ಡಿಶ್‌ವಾಷರ್‌ಗಳು ಹಾಗೂ ರೂ.25000 ವರೆಗಿನ ರಿಯಾಯಿತಿಯೊಂದಿಗೆ ರೆಫ್ರಿಜರೇಟರ್‌ಗಳು ಲಭ್ಯವಿವೆ. ಶೇ.50 ರಷ್ಟು ರಿಯಾಯಿತಿಯೊಂದಿಗೆ ಅಡುಗೆಮನೆ ಉಪಕರಣಗಳನ್ನು ಖರೀದಿಸಬಹುದಾಗಿದೆ.
reliancedigital.in
ಬಹಳ ಸಮಯದಿಂದ ಕಾಯುತ್ತಾ ಬಂದಿದ್ದ ರಿಲಯನ್ಸ್ ಡಿಜಿಟಲ್‌ನ 'ಬ್ಲ್ಯಾಕ್ ಫ್ರೈಡೇ' ಮಾರಾಟ ಕೊನೆಗೂ ಆರಂಭವಾಗಿದೆ. ನವೆಂಬರ್ 28 ರಿಂದ ಡಿಸೆಂಬರ್ 2 ರವರೆಗೆ ಈ ಆಫರ್ ಲಭ್ಯವಿದ್ದು, ಗ್ರಾಹಕರು ಸ್ಮಾರ್ಟ್‌ಫೋನ್‌ಗಳು, ಲ್ಯಾಪ್‌ಟಾಪ್‌ಗಳು, ಗೃಹೋಪಯೋಗಿ ವಸ್ತುಗಳ ಮೇಲೆ ಭಾರಿ ರಿಯಾಯಿತಿ ಪಡೆಯಬಹುದು. ಪ್ರಮುಖ ಬ್ಯಾಂಕ್ ಕಾರ್ಡ್‌ಗಳ ಮೂಲಕ ಖರೀದಿಸುವವರಿಗೆ ರೂ.10,000 ವರೆಗೆ ತ್ವರಿತ ರಿಯಾಯಿತಿ ಲಭ್ಯವಿದೆ. ರಿಲಯನ್ಸ್ ಡಿಜಿಟಲ್ ಮಳಿಗೆಗಳು, ಮೈ ಜಿಯೋ ಸ್ಟೋರ್ ಮತ್ತು reliancedigital.in ಮೂಲಕ ಈ ಆಫರ್‌ಗಳನ್ನು ಪಡೆಯಬಹುದು. ರೂ.1999 ರಿಂದ ಆರಂಭವಾಗುವ ಸ್ಮಾರ್ಟ್ ವಾಚ್‌ಗಳು, ರೂ.12000 ರಿಂದ ಆರಂಭವಾಗುವ ವಾಷಿಂಗ್ ಮೆಷಿನ್‌ಗಳು ಹಾಗೂ ರೂ.8995 ರಿಂದ ಸ್ಮಾರ್ಟ್ ಟಿವಿಗಳು ಲಭ್ಯವಿವೆ. 1.5 ಟನ್ 3 ಸ್ಟಾರ್ ಎಸಿ ಕೇವಲ ರೂ.29990 ಕ್ಕೆ ದೊರೆಯಲಿದೆ. ರೂ.26000 ವರೆಗಿನ ರಿಯಾಯಿತಿಯೊಂದಿಗೆ ಲ್ಯಾಪ್‌ಟಾಪ್‌ಗಳು ಲಭ್ಯವಿದ್ದು, ರೂ.990 ರಿಂದ ಆರಂಭವಾಗುವ ಇಯರ್‌ಬಡ್ಸ್‌ಗಳಿವೆ. ರೂ.15990 ರಿಂದ ಡಿಶ್‌ವಾಷರ್‌ಗಳು ಹಾಗೂ ರೂ.25000 ವರೆಗಿನ ರಿಯಾಯಿತಿಯೊಂದಿಗೆ ರೆಫ್ರಿಜರೇಟರ್‌ಗಳು ಲಭ್ಯವಿವೆ. ಶೇ.50 ರಷ್ಟು ರಿಯಾಯಿತಿಯೊಂದಿಗೆ ಅಡುಗೆಮನೆ ಉಪಕರಣಗಳನ್ನು ಖರೀದಿಸಬಹುದಾಗಿದೆ.
ಇಸ್ಕಾನ್ ನಿಷೇಧಿಸುವಂತೆ ಬಾಂಗ್ಲಾ
ಹೈಕೋರ್ಟ್‌ನಲ್ಲಿ ಅರ್ಜಿ ಸಲ್ಲಿಕೆ
ಢಾಕಾ: ಬಾಂಗ್ಲಾದೇಶದಲ್ಲಿ ಹಿಂದೂಗಳ ಮೇಲಿನ ದೌರ್ಜನ್ಯ ಮುಂದುವರೆದಿದ್ದು, ಇದೀಗ ಇಸ್ಕಾನ್ ಸಂಸ್ಥೆಯನ್ನು ನಿಷೇಧಿಸುವಂತೆ ಕೋರಿ ಬಾಂಗ್ಲಾದೇಶ ಹೈಕೋರ್ಟ್‌ನಲ್ಲಿ ಅರ್ಜಿ ಸಲ್ಲಿಸಲಾಗಿದೆ. ಚಿತ್ತಗಾಂಗ್ ಮತ್ತು ರಂಗಪುರ ನಗರಗಳಲ್ಲಿ ನಡೆದ ಹಿಂಸಾಚಾರದ ಹಿನ್ನೆಲೆಯಲ್ಲಿ ಈ ಅರ್ಜಿ ಸಲ್ಲಿಸಲಾಗಿದೆ. ಇಸ್ಕಾನ್ ಮುಖಂಡ ಚಿನ್ಮಯ ಕೃಷ್ಣದಾಸ್ ಅವರ ಬಂಧನದ ನಂತರ ಪರಿಸ್ಥಿತಿ ಉದ್ವಿಗ್ನಗೊಂಡಿದೆ. ಸರ್ಕಾರದ ಪರ ವಕೀಲರು ಇಸ್ಕಾನ್ ಒಂದು ಮೂಲಭೂತವಾದಿ ಸಂಘಟನೆ ಎಂದು ವಾದಿಸಿದ್ದಾರೆ. ಹೈಕೋರ್ಟ್ ಈ ಕುರಿತು ಸರ್ಕಾರದಿಂದ ವರದಿ ಕೇಳಿದೆ. ಭಾರತ ಸರ್ಕಾರ ಈ ಬೆಳವಣಿಗೆಗಳ ಬಗ್ಗೆ ತೀವ್ರ ಕಳವಳ ವ್ಯಕ್ತಪಡಿಸಿದ್ದು, ಅಲ್ಪಸಂಖ್ಯಾತರ ಸುರಕ್ಷತೆ ಖಚಿತಪಡಿಸುವಂತೆ ಬಾಂಗ್ಲಾದೇಶವನ್ನು ಒತ್ತಾಯಿಸಿದೆ. ಚಿನ್ಮಯ ಕೃಷ್ಣದಾಸ್ ಅವರ ಜಾಮೀನು ಅರ್ಜಿ ತಿರಸ್ಕರಿಸಲ್ಪಟ್ಟಿದೆ. ಹಿಂದೂ ಸಮುದಾಯದವರು ನ್ಯಾಯಕ್ಕಾಗಿ ಪ್ರತಿಭಟನೆ ನಡೆಸುತ್ತಿದ್ದಾರೆ.
ಬಾಂಗ್ಲಾದೇಶದಲ್ಲಿ ಹಿಂದೂಗಳ ಮೇಲಿನ ದೌರ್ಜನ್ಯ ಮುಂದುವರೆದಿದ್ದು, ಇದೀಗ ಇಸ್ಕಾನ್ ಸಂಸ್ಥೆಯನ್ನು ನಿಷೇಧಿಸುವಂತೆ ಕೋರಿ ಬಾಂಗ್ಲಾದೇಶ ಹೈಕೋರ್ಟ್‌ನಲ್ಲಿ ಅರ್ಜಿ ಸಲ್ಲಿಸಲಾಗಿದೆ. ಚಿತ್ತಗಾಂಗ್ ಮತ್ತು ರಂಗಪುರ ನಗರಗಳಲ್ಲಿ ನಡೆದ ಹಿಂಸಾಚಾರದ ಹಿನ್ನೆಲೆಯಲ್ಲಿ ಈ ಅರ್ಜಿ ಸಲ್ಲಿಸಲಾಗಿದೆ. ಇಸ್ಕಾನ್ ಮುಖಂಡ ಚಿನ್ಮಯ ಕೃಷ್ಣದಾಸ್ ಅವರ ಬಂಧನದ ನಂತರ ಪರಿಸ್ಥಿತಿ ಉದ್ವಿಗ್ನಗೊಂಡಿದೆ. ಸರ್ಕಾರದ ಪರ ವಕೀಲರು ಇಸ್ಕಾನ್ ಒಂದು ಮೂಲಭೂತವಾದಿ ಸಂಘಟನೆ ಎಂದು ವಾದಿಸಿದ್ದಾರೆ. ಹೈಕೋರ್ಟ್ ಈ ಕುರಿತು ಸರ್ಕಾರದಿಂದ ವರದಿ ಕೇಳಿದೆ. ಭಾರತ ಸರ್ಕಾರ ಈ ಬೆಳವಣಿಗೆಗಳ ಬಗ್ಗೆ ತೀವ್ರ ಕಳವಳ ವ್ಯಕ್ತಪಡಿಸಿದ್ದು, ಅಲ್ಪಸಂಖ್ಯಾತರ ಸುರಕ್ಷತೆ ಖಚಿತಪಡಿಸುವಂತೆ ಬಾಂಗ್ಲಾದೇಶವನ್ನು ಒತ್ತಾಯಿಸಿದೆ. ಚಿನ್ಮಯ ಕೃಷ್ಣದಾಸ್ ಅವರ ಜಾಮೀನು ಅರ್ಜಿ ತಿರಸ್ಕರಿಸಲ್ಪಟ್ಟಿದೆ. ಹಿಂದೂ ಸಮುದಾಯದವರು ನ್ಯಾಯಕ್ಕಾಗಿ ಪ್ರತಿಭಟನೆ ನಡೆಸುತ್ತಿದ್ದಾರೆ.
